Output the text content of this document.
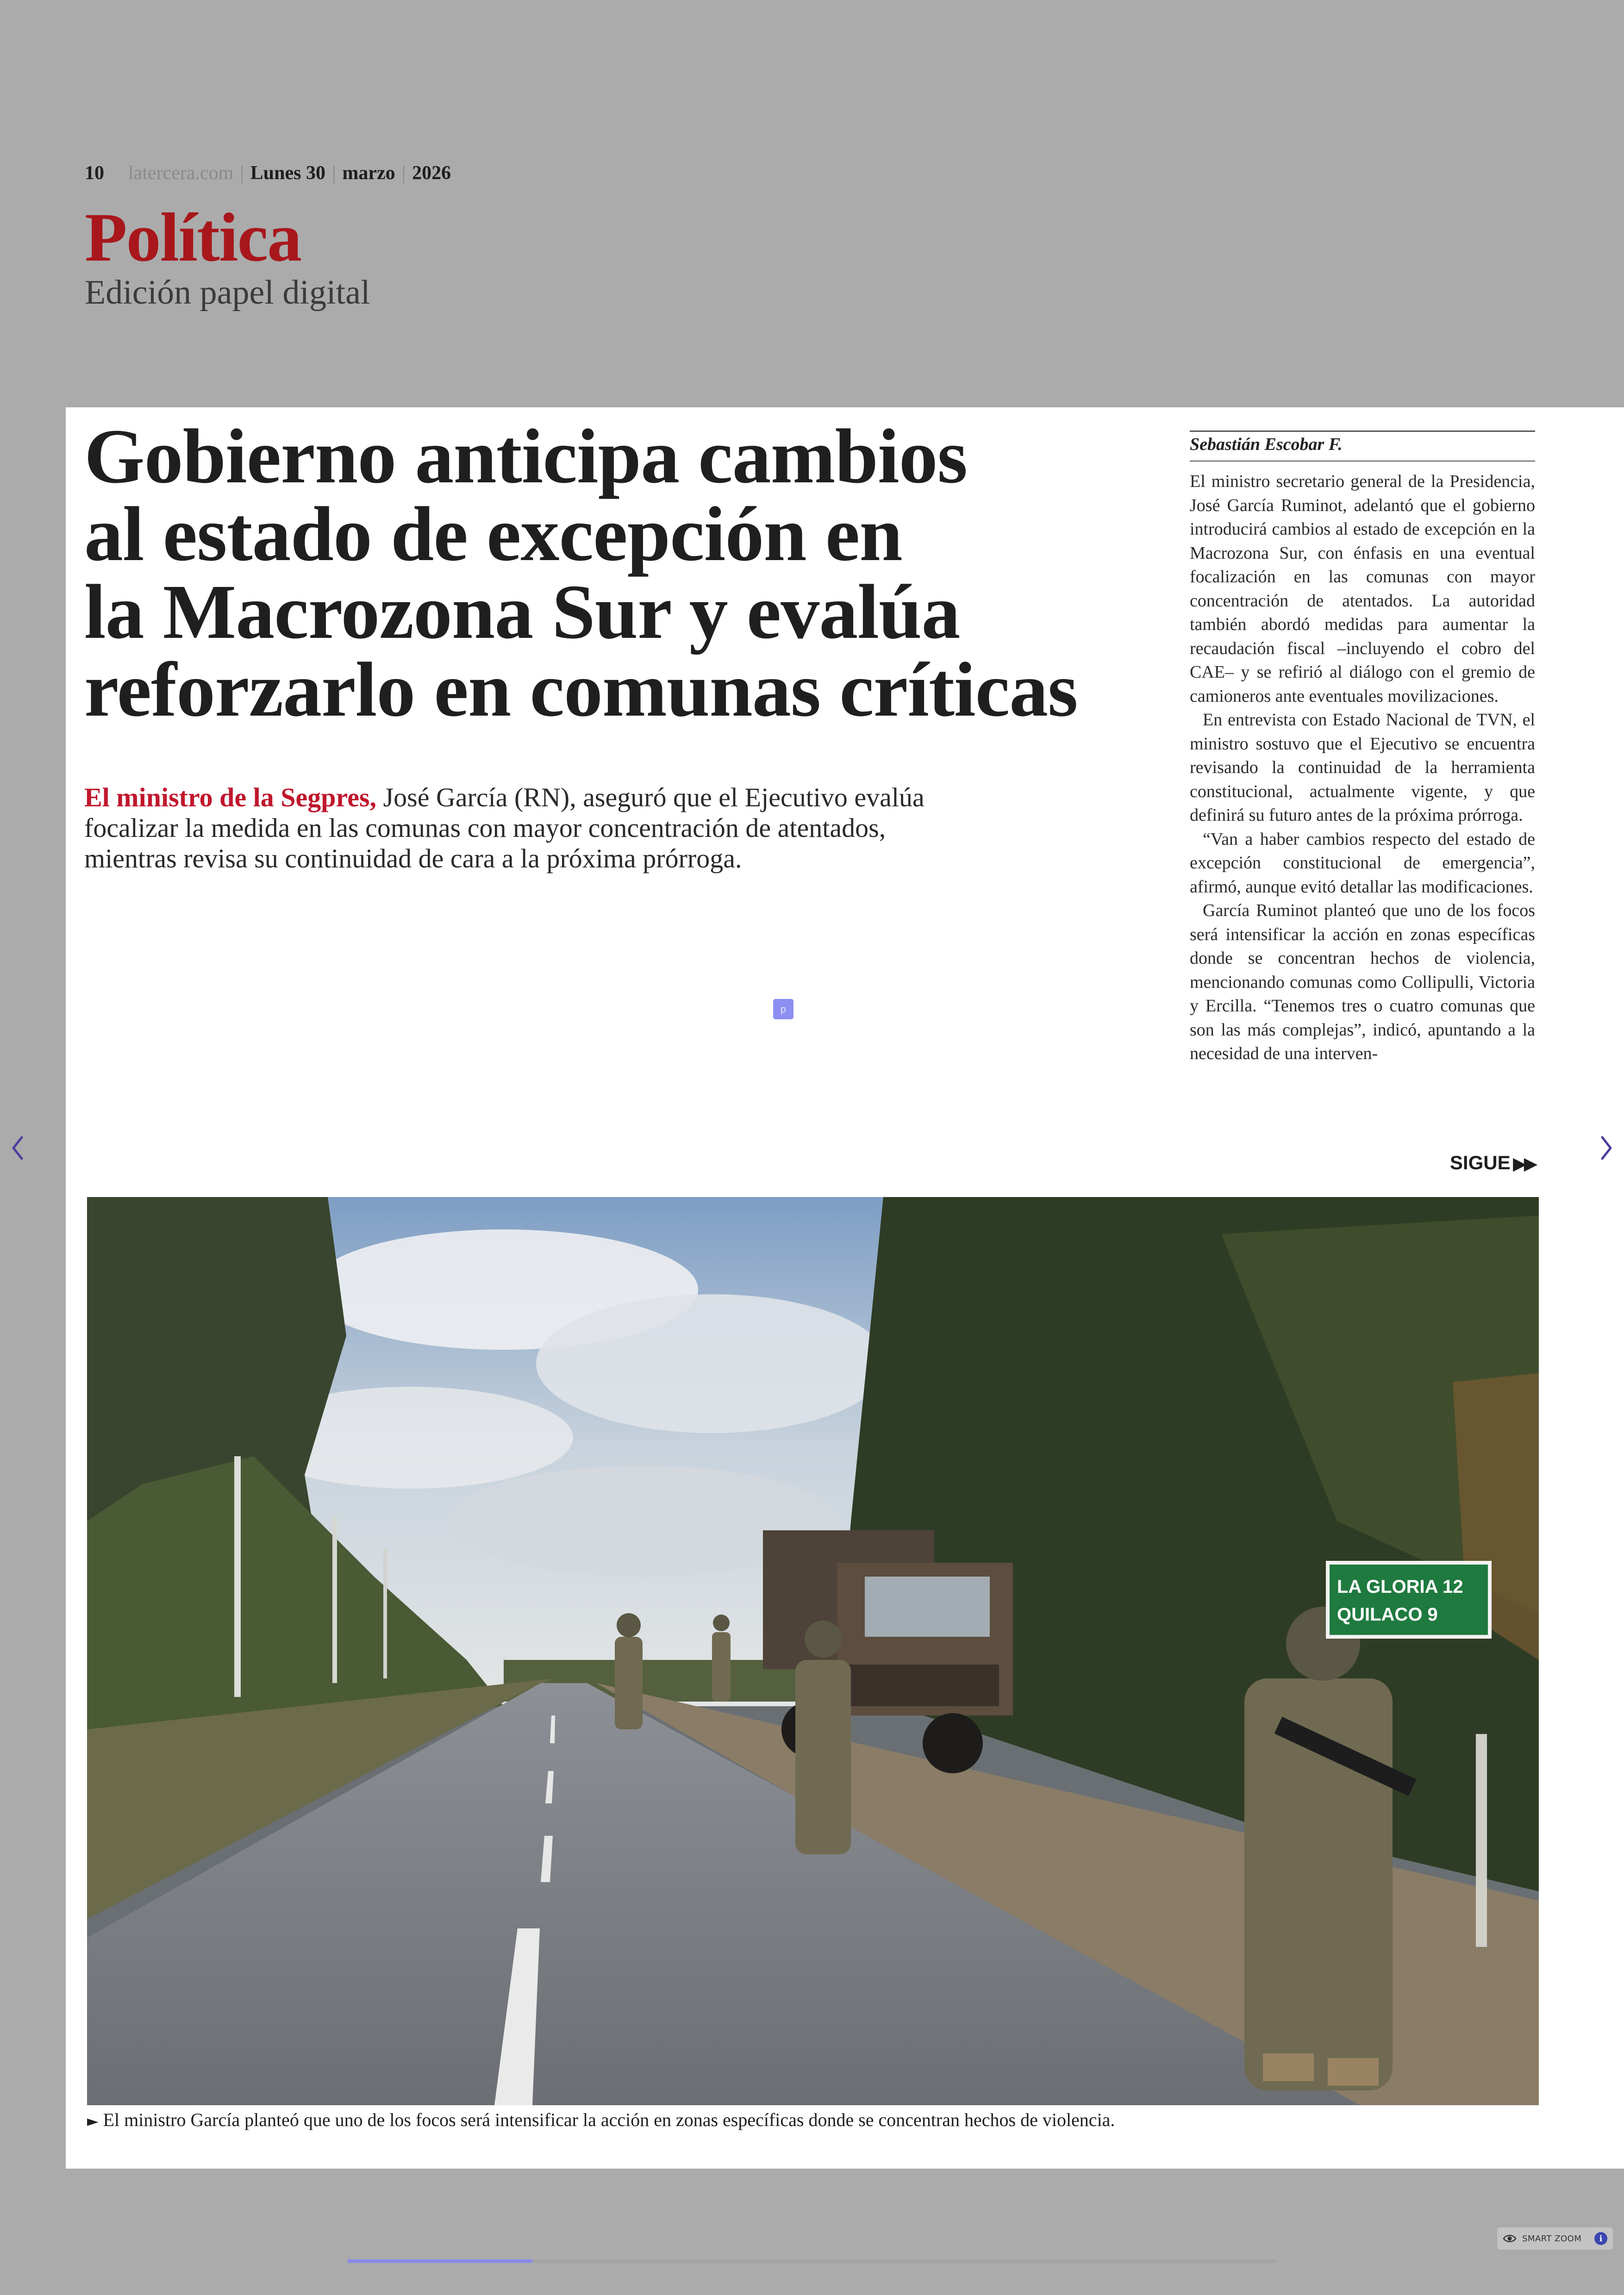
10 latercera.com | Lunes 30 | marzo | 2026
Política
Edición papel digital
Gobierno anticipa cambios
al estado de excepción en
la Macrozona Sur y evalúa
reforzarlo en comunas críticas

El ministro de la Segpres, José García (RN), aseguró que el Ejecutivo evalúa focalizar la medida en las comunas con mayor concentración de atentados, mientras revisa su continuidad de cara a la próxima prórroga.

p
Sebastián Escobar F.

El ministro secretario general de la Presidencia, José García Ruminot, adelantó que el gobierno introducirá cambios al estado de excepción en la Macrozona Sur, con énfasis en una eventual focalización en las comunas con mayor concentración de atentados. La autoridad también abordó medidas para aumentar la recaudación fiscal –incluyendo el cobro del CAE– y se refirió al diálogo con el gremio de camioneros ante eventuales movilizaciones.

En entrevista con Estado Nacional de TVN, el ministro sostuvo que el Ejecutivo se encuentra revisando la continuidad de la herramienta constitucional, actualmente vigente, y que definirá su futuro antes de la próxima prórroga.

“Van a haber cambios respecto del estado de excepción constitucional de emergencia”, afirmó, aunque evitó detallar las modificaciones.

García Ruminot planteó que uno de los focos será intensificar la acción en zonas específicas donde se concentran hechos de violencia, mencionando comunas como Collipulli, Victoria y Ercilla. “Tenemos tres o cuatro comunas que son las más complejas”, indicó, apuntando a la necesidad de una interven-

SIGUE ▶▶
LA GLORIA 12
QUILACO 9
► El ministro García planteó que uno de los focos será intensificar la acción en zonas específicas donde se concentran hechos de violencia.
SMART ZOOM	i
